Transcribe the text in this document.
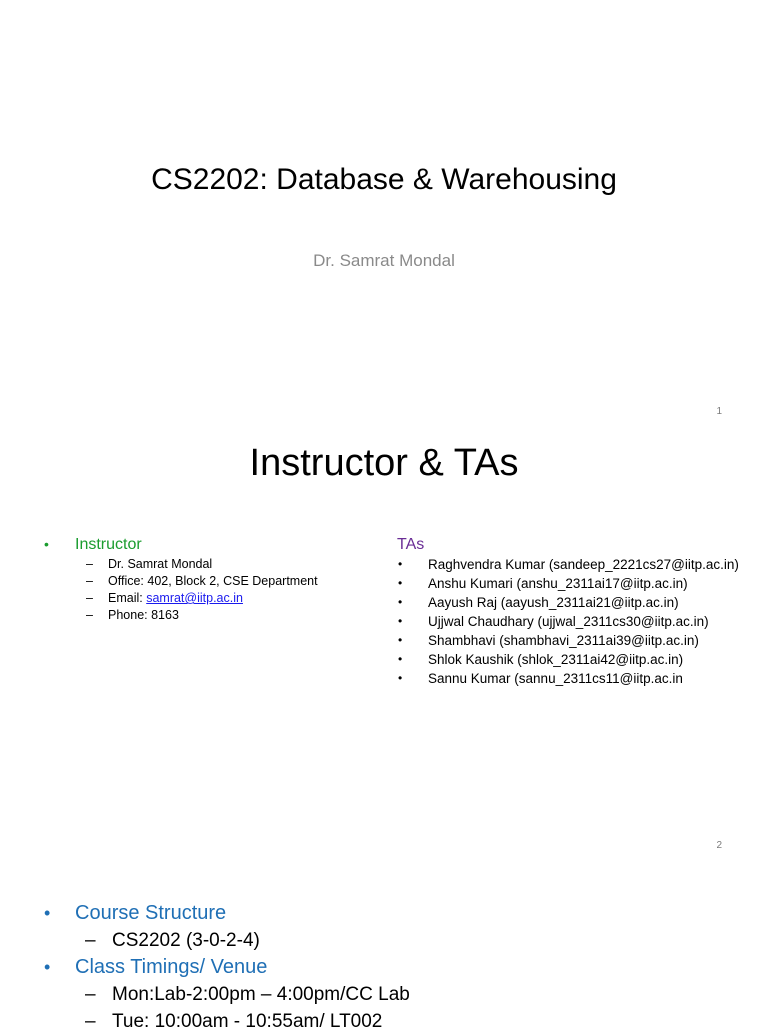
CS2202: Database & Warehousing
Dr. Samrat Mondal
1
Instructor & TAs
•	Instructor
–	Dr. Samrat Mondal
–	Office: 402, Block 2, CSE Department
–	Email: samrat@iitp.ac.in
–	Phone: 8163
TAs
•	Raghvendra Kumar (sandeep_2221cs27@iitp.ac.in)
•	Anshu Kumari (anshu_2311ai17@iitp.ac.in)
•	Aayush Raj (aayush_2311ai21@iitp.ac.in)
•	Ujjwal Chaudhary (ujjwal_2311cs30@iitp.ac.in)
•	Shambhavi (shambhavi_2311ai39@iitp.ac.in)
•	Shlok Kaushik (shlok_2311ai42@iitp.ac.in)
•	Sannu Kumar (sannu_2311cs11@iitp.ac.in
2
•	Course Structure
– CS2202 (3-0-2-4)
•	Class Timings/ Venue
– Mon:Lab-2:00pm – 4:00pm/CC Lab
– Tue: 10:00am - 10:55am/ LT002
